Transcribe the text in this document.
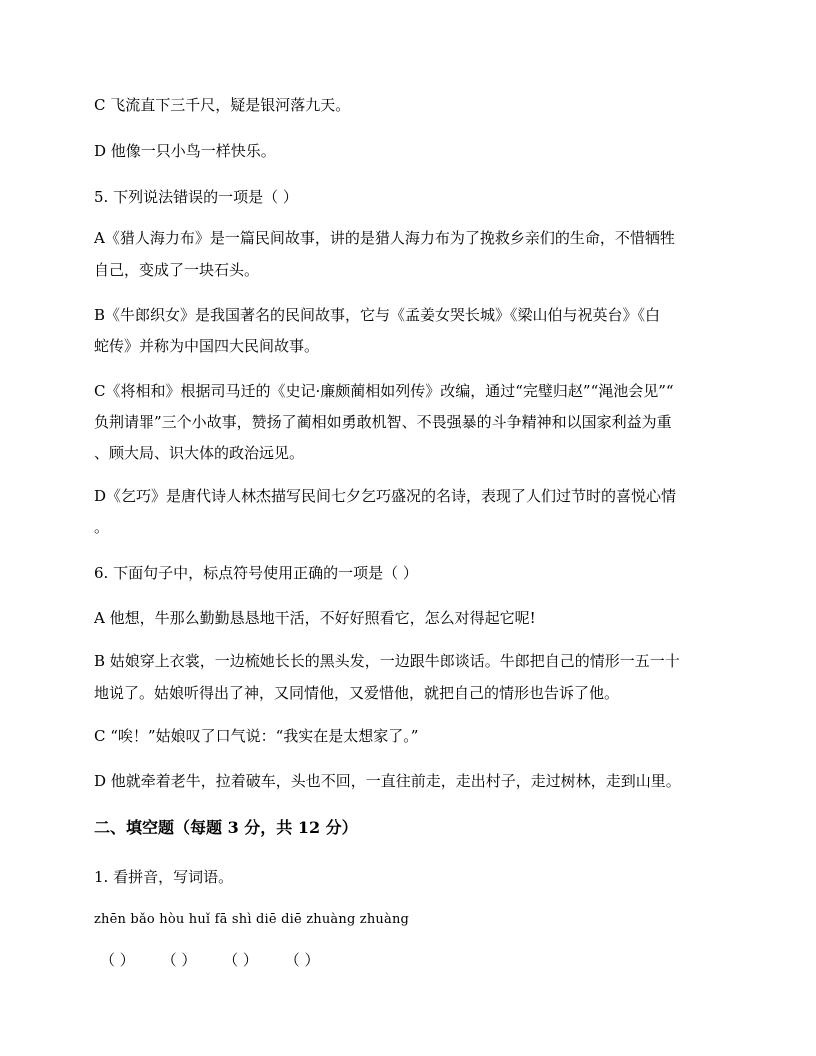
C 飞流直下三千尺，疑是银河落九天。
D 他像一只小鸟一样快乐。
5. 下列说法错误的一项是（ ）
A《猎人海力布》是一篇民间故事，讲的是猎人海力布为了挽救乡亲们的生命，不惜牺牲
自己，变成了一块石头。
B《牛郎织女》是我国著名的民间故事，它与《孟姜女哭长城》《梁山伯与祝英台》《白
蛇传》并称为中国四大民间故事。
C《将相和》根据司马迁的《史记·廉颇蔺相如列传》改编，通过“完璧归赵”“渑池会见”“
负荆请罪”三个小故事，赞扬了蔺相如勇敢机智、不畏强暴的斗争精神和以国家利益为重
、顾大局、识大体的政治远见。
D《乞巧》是唐代诗人林杰描写民间七夕乞巧盛况的名诗，表现了人们过节时的喜悦心情
。
6. 下面句子中，标点符号使用正确的一项是（ ）
A 他想，牛那么勤勤恳恳地干活，不好好照看它，怎么对得起它呢!
B 姑娘穿上衣裳，一边梳她长长的黑头发，一边跟牛郎谈话。牛郎把自己的情形一五一十
地说了。姑娘听得出了神，又同情他，又爱惜他，就把自己的情形也告诉了他。
C “唉！”姑娘叹了口气说：“我实在是太想家了。”
D 他就牵着老牛，拉着破车，头也不回，一直往前走，走出村子，走过树林，走到山里。
二、填空题（每题 3 分，共 12 分）
1. 看拼音，写词语。
zhēn bǎo hòu huǐ fā shì diē diē zhuàng zhuàng
（ ） （ ） （ ） （ ）
